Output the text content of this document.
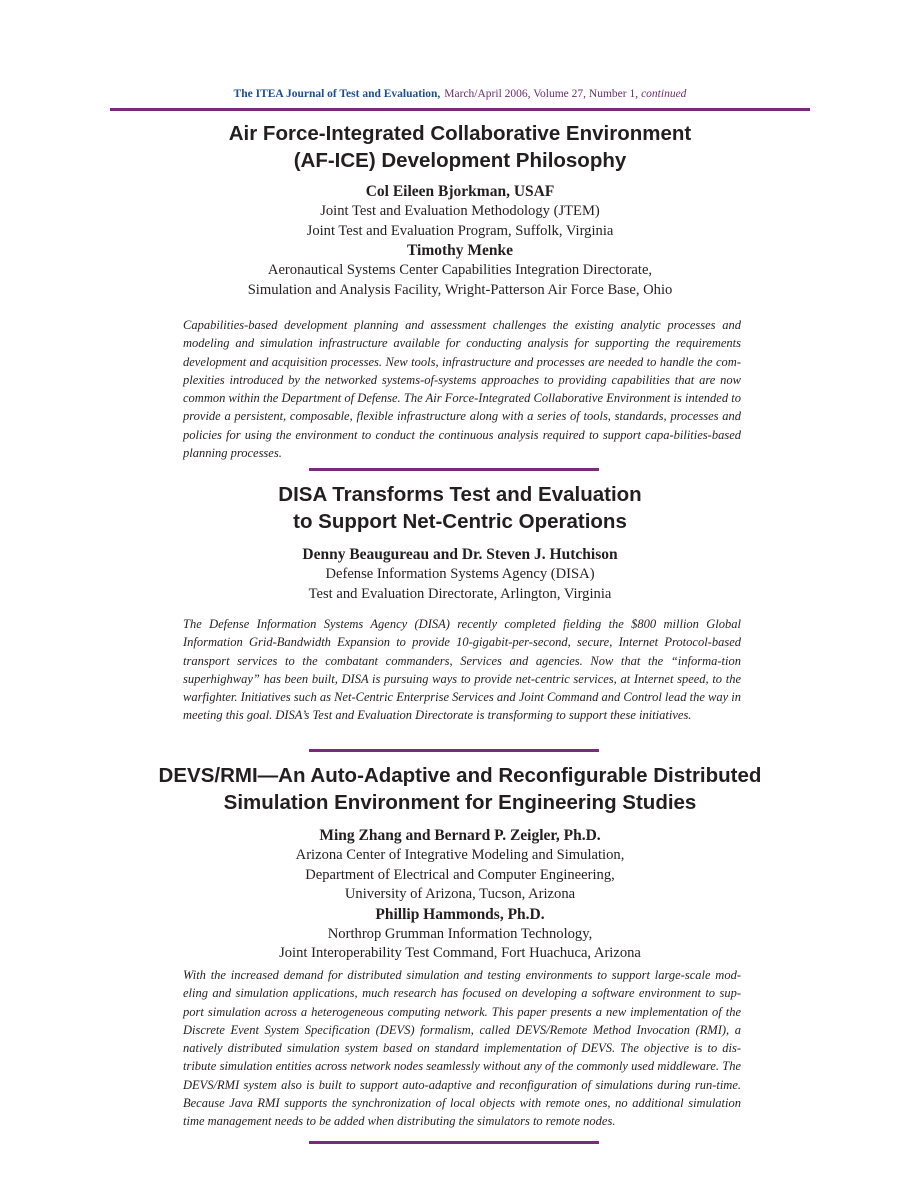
The ITEA Journal of Test and Evaluation, March/April 2006, Volume 27, Number 1, continued
Air Force-Integrated Collaborative Environment
(AF-ICE) Development Philosophy

Col Eileen Bjorkman, USAF

Joint Test and Evaluation Methodology (JTEM)

Joint Test and Evaluation Program, Suffolk, Virginia

Timothy Menke

Aeronautical Systems Center Capabilities Integration Directorate,

Simulation and Analysis Facility, Wright-Patterson Air Force Base, Ohio

Capabilities-based development planning and assessment challenges the existing analytic processes and modeling and simulation infrastructure available for conducting analysis for supporting the requirements development and acquisition processes. New tools, infrastructure and processes are needed to handle the com-plexities introduced by the networked systems-of-systems approaches to providing capabilities that are now common within the Department of Defense. The Air Force-Integrated Collaborative Environment is intended to provide a persistent, composable, flexible infrastructure along with a series of tools, standards, processes and policies for using the environment to conduct the continuous analysis required to support capa-bilities-based planning processes.

DISA Transforms Test and Evaluation
to Support Net-Centric Operations

Denny Beaugureau and Dr. Steven J. Hutchison

Defense Information Systems Agency (DISA)

Test and Evaluation Directorate, Arlington, Virginia

The Defense Information Systems Agency (DISA) recently completed fielding the $800 million Global Information Grid-Bandwidth Expansion to provide 10-gigabit-per-second, secure, Internet Protocol-based transport services to the combatant commanders, Services and agencies. Now that the “informa-tion superhighway” has been built, DISA is pursuing ways to provide net-centric services, at Internet speed, to the warfighter. Initiatives such as Net-Centric Enterprise Services and Joint Command and Control lead the way in meeting this goal. DISA’s Test and Evaluation Directorate is transforming to support these initiatives.

DEVS/RMI—An Auto-Adaptive and Reconfigurable Distributed
Simulation Environment for Engineering Studies

Ming Zhang and Bernard P. Zeigler, Ph.D.

Arizona Center of Integrative Modeling and Simulation,

Department of Electrical and Computer Engineering,

University of Arizona, Tucson, Arizona

Phillip Hammonds, Ph.D.

Northrop Grumman Information Technology,

Joint Interoperability Test Command, Fort Huachuca, Arizona

With the increased demand for distributed simulation and testing environments to support large-scale mod-eling and simulation applications, much research has focused on developing a software environment to sup-port simulation across a heterogeneous computing network. This paper presents a new implementation of the Discrete Event System Specification (DEVS) formalism, called DEVS/Remote Method Invocation (RMI), a natively distributed simulation system based on standard implementation of DEVS. The objective is to dis-tribute simulation entities across network nodes seamlessly without any of the commonly used middleware. The DEVS/RMI system also is built to support auto-adaptive and reconfiguration of simulations during run-time. Because Java RMI supports the synchronization of local objects with remote ones, no additional simulation time management needs to be added when distributing the simulators to remote nodes.
